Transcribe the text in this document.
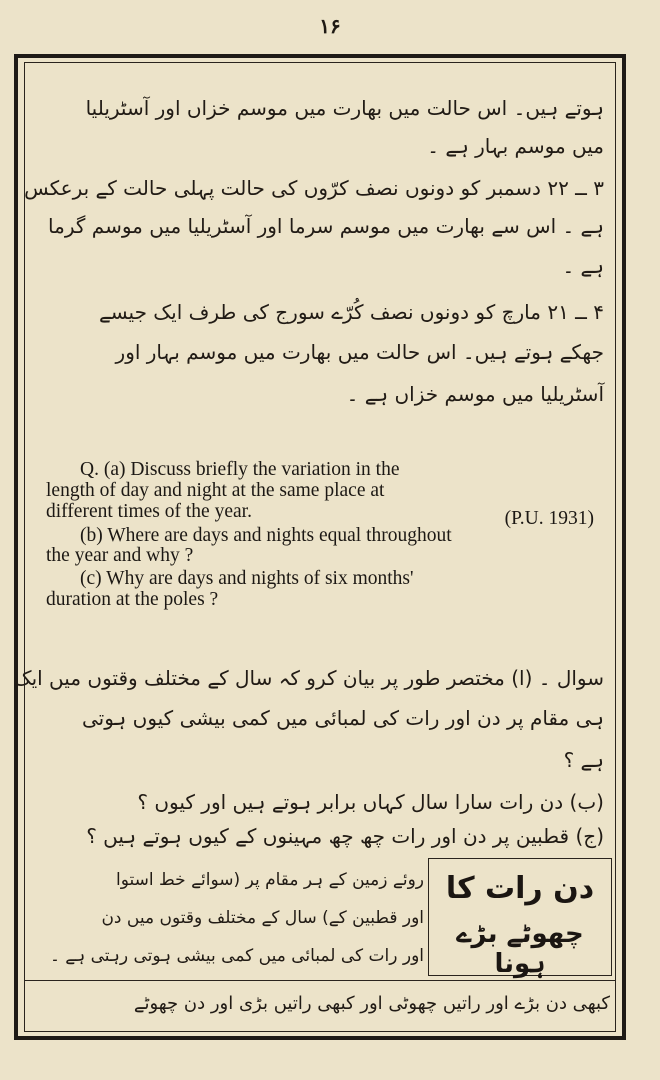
۱۶
ہوتے ہیں۔ اس حالت میں بھارت میں موسم خزاں اور آسٹریلیا
میں موسم بہار ہے ۔
۳ ــ ۲۲ دسمبر کو دونوں نصف کرّوں کی حالت پہلی حالت کے برعکس
ہے ۔ اس سے بھارت میں موسم سرما اور آسٹریلیا میں موسم گرما
ہے ۔
۴ ــ ۲۱ مارچ کو دونوں نصف کُرّے سورج کی طرف ایک جیسے
جھکے ہوتے ہیں۔ اس حالت میں بھارت میں موسم بہار اور
آسٹریلیا میں موسم خزاں ہے ۔
Q. (a) Discuss briefly the variation in the
length of day and night at the same place at
different times of the year.	(P.U. 1931)
(b) Where are days and nights equal throughout
the year and why ?
(c) Why are days and nights of six months'
duration at the poles ?
سوال ۔ (ا) مختصر طور پر بیان کرو کہ سال کے مختلف وقتوں میں ایک
ہی مقام پر دن اور رات کی لمبائی میں کمی بیشی کیوں ہوتی
ہے ؟
(ب) دن رات سارا سال کہاں برابر ہوتے ہیں اور کیوں ؟
(ج) قطبین پر دن اور رات چھ چھ مہینوں کے کیوں ہوتے ہیں ؟
دن رات کا
چھوٹے بڑے ہونا
روئے زمین کے ہر مقام پر (سوائے خط استوا
اور قطبین کے) سال کے مختلف وقتوں میں دن
اور رات کی لمبائی میں کمی بیشی ہوتی رہتی ہے ۔
کبھی دن بڑے اور راتیں چھوٹی اور کبھی راتیں بڑی اور دن چھوٹے
